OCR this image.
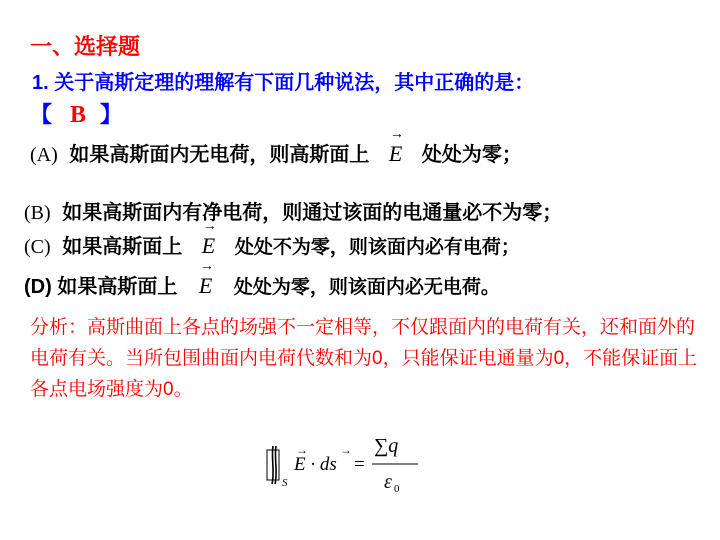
一、选择题
1. 关于高斯定理的理解有下面几种说法，其中正确的是：
【 B 】
(A) 如果高斯面内无电荷，则高斯面上 → E 处处为零；
(B) 如果高斯面内有净电荷，则通过该面的电通量必不为零；
(C) 如果高斯面上 → E 处处不为零，则该面内必有电荷；
(D) 如果高斯面上 → E 处处为零，则该面内必无电荷。
分析：高斯曲面上各点的场强不一定相等，不仅跟面内的电荷有关，还和面外的电荷有关。当所包围曲面内电荷代数和为0，只能保证电通量为0，不能保证面上各点电场强度为0。
S
E · ds
→	→
=
∑q
ε 0
